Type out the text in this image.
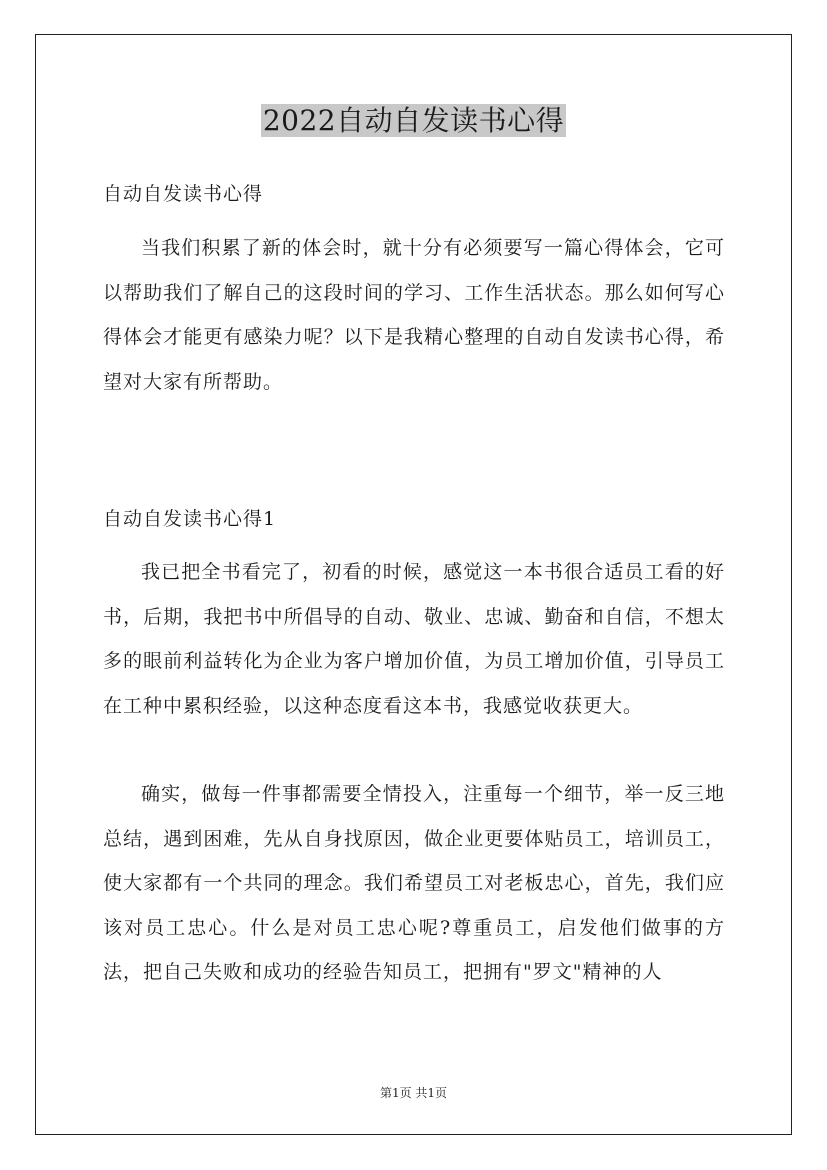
2022自动自发读书心得
自动自发读书心得
当我们积累了新的体会时，就十分有必须要写一篇心得体会，它可以帮助我们了解自己的这段时间的学习、工作生活状态。那么如何写心得体会才能更有感染力呢？以下是我精心整理的自动自发读书心得，希望对大家有所帮助。
自动自发读书心得1
我已把全书看完了，初看的时候，感觉这一本书很合适员工看的好书，后期，我把书中所倡导的自动、敬业、忠诚、勤奋和自信，不想太多的眼前利益转化为企业为客户增加价值，为员工增加价值，引导员工在工种中累积经验，以这种态度看这本书，我感觉收获更大。
确实，做每一件事都需要全情投入，注重每一个细节，举一反三地总结，遇到困难，先从自身找原因，做企业更要体贴员工，培训员工，使大家都有一个共同的理念。我们希望员工对老板忠心，首先，我们应该对员工忠心。什么是对员工忠心呢?尊重员工，启发他们做事的方法，把自己失败和成功的经验告知员工，把拥有"罗文"精神的人
第1页 共1页
